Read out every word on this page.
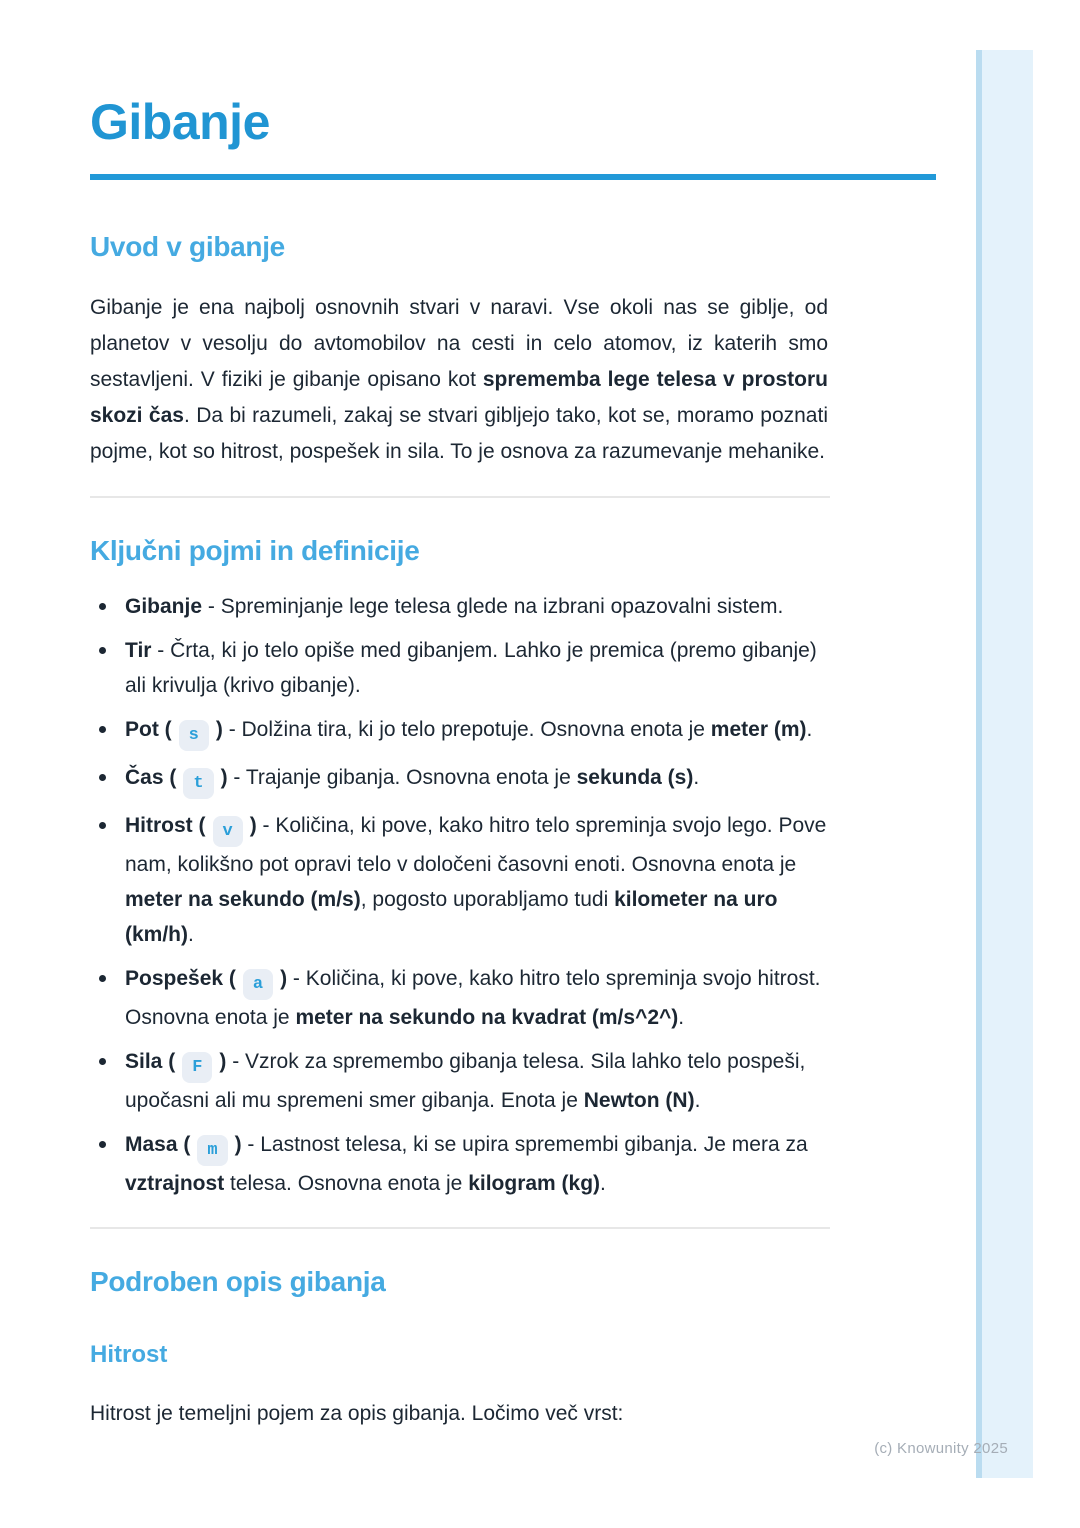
Gibanje
Uvod v gibanje

Gibanje je ena najbolj osnovnih stvari v naravi. Vse okoli nas se giblje, od planetov v vesolju do avtomobilov na cesti in celo atomov, iz katerih smo sestavljeni. V fiziki je gibanje opisano kot sprememba lege telesa v prostoru skozi čas. Da bi razumeli, zakaj se stvari gibljejo tako, kot se, moramo poznati pojme, kot so hitrost, pospešek in sila. To je osnova za razumevanje mehanike.

Ključni pojmi in definicije
Gibanje - Spreminjanje lege telesa glede na izbrani opazovalni sistem.
Tir - Črta, ki jo telo opiše med gibanjem. Lahko je premica (premo gibanje) ali krivulja (krivo gibanje).
Pot ( s ) - Dolžina tira, ki jo telo prepotuje. Osnovna enota je meter (m).
Čas ( t ) - Trajanje gibanja. Osnovna enota je sekunda (s).
Hitrost ( v ) - Količina, ki pove, kako hitro telo spreminja svojo lego. Pove nam, kolikšno pot opravi telo v določeni časovni enoti. Osnovna enota je meter na sekundo (m/s), pogosto uporabljamo tudi kilometer na uro (km/h).
Pospešek ( a ) - Količina, ki pove, kako hitro telo spreminja svojo hitrost. Osnovna enota je meter na sekundo na kvadrat (m/s^2^).
Sila ( F ) - Vzrok za spremembo gibanja telesa. Sila lahko telo pospeši, upočasni ali mu spremeni smer gibanja. Enota je Newton (N).
Masa ( m ) - Lastnost telesa, ki se upira spremembi gibanja. Je mera za vztrajnost telesa. Osnovna enota je kilogram (kg).
Podroben opis gibanja
Hitrost

Hitrost je temeljni pojem za opis gibanja. Ločimo več vrst:

(c) Knowunity 2025
